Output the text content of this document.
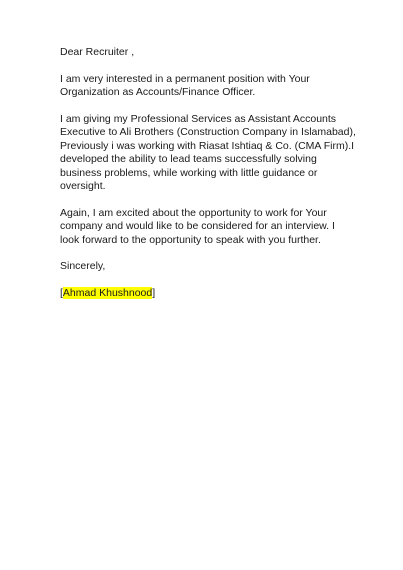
Dear Recruiter ,

I am very interested in a permanent position with Your
Organization as Accounts/Finance Officer.

I am giving my Professional Services as Assistant Accounts
Executive to Ali Brothers (Construction Company in Islamabad),
Previously i was working with Riasat Ishtiaq & Co. (CMA Firm).I
developed the ability to lead teams successfully solving
business problems, while working with little guidance or
oversight.

Again, I am excited about the opportunity to work for Your
company and would like to be considered for an interview. I
look forward to the opportunity to speak with you further.

Sincerely,

[Ahmad Khushnood]
